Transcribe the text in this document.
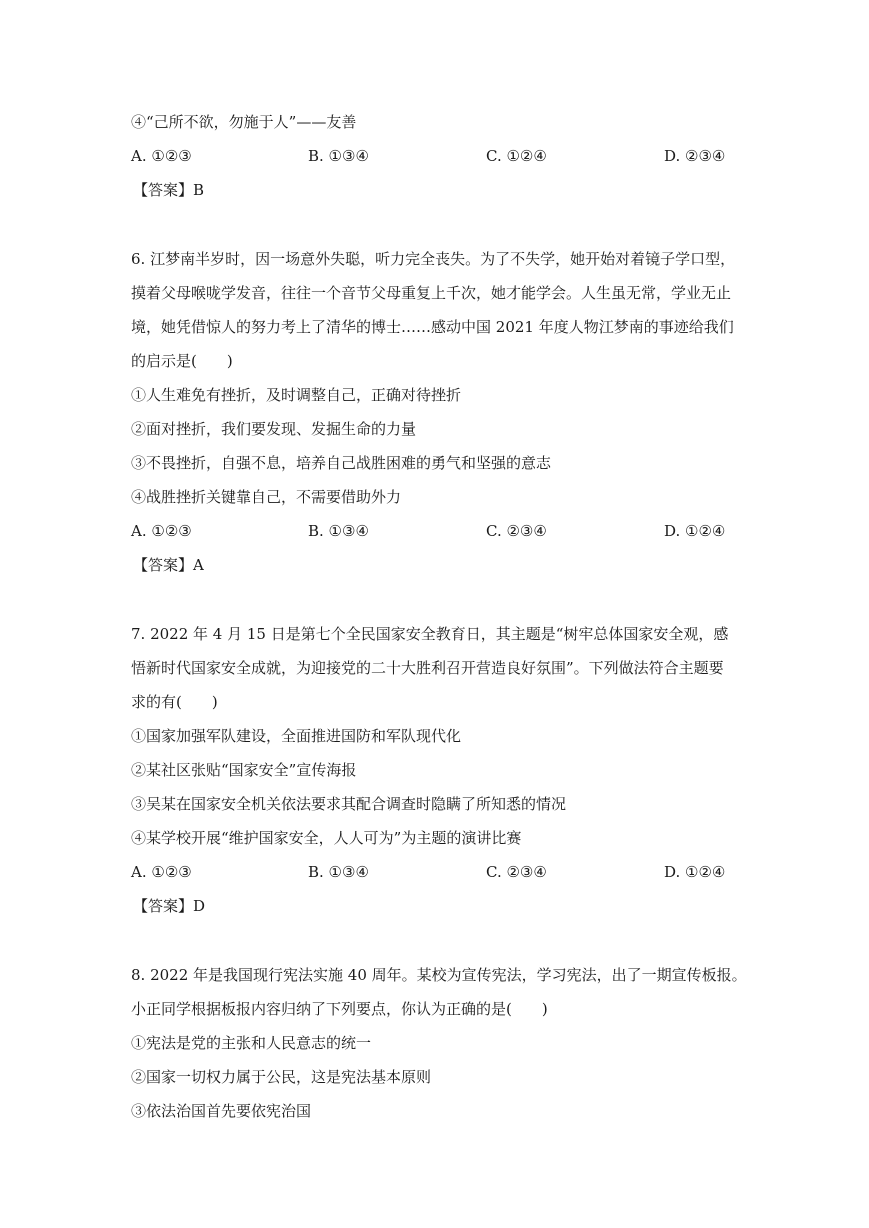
④“己所不欲，勿施于人”——友善
A. ①②③	B. ①③④	C. ①②④	D. ②③④
【答案】B
6. 江梦南半岁时，因一场意外失聪，听力完全丧失。为了不失学，她开始对着镜子学口型，
摸着父母喉咙学发音，往往一个音节父母重复上千次，她才能学会。人生虽无常，学业无止
境，她凭借惊人的努力考上了清华的博士……感动中国 2021 年度人物江梦南的事迹给我们
的启示是(　　)
①人生难免有挫折，及时调整自己，正确对待挫折
②面对挫折，我们要发现、发掘生命的力量
③不畏挫折，自强不息，培养自己战胜困难的勇气和坚强的意志
④战胜挫折关键靠自己，不需要借助外力
A. ①②③	B. ①③④	C. ②③④	D. ①②④
【答案】A
7. 2022 年 4 月 15 日是第七个全民国家安全教育日，其主题是“树牢总体国家安全观，感
悟新时代国家安全成就，为迎接党的二十大胜利召开营造良好氛围”。下列做法符合主题要
求的有(　　)
①国家加强军队建设，全面推进国防和军队现代化
②某社区张贴“国家安全”宣传海报
③吴某在国家安全机关依法要求其配合调查时隐瞒了所知悉的情况
④某学校开展“维护国家安全，人人可为”为主题的演讲比赛
A. ①②③	B. ①③④	C. ②③④	D. ①②④
【答案】D
8. 2022 年是我国现行宪法实施 40 周年。某校为宣传宪法，学习宪法，出了一期宣传板报。
小正同学根据板报内容归纳了下列要点，你认为正确的是(　　)
①宪法是党的主张和人民意志的统一
②国家一切权力属于公民，这是宪法基本原则
③依法治国首先要依宪治国
